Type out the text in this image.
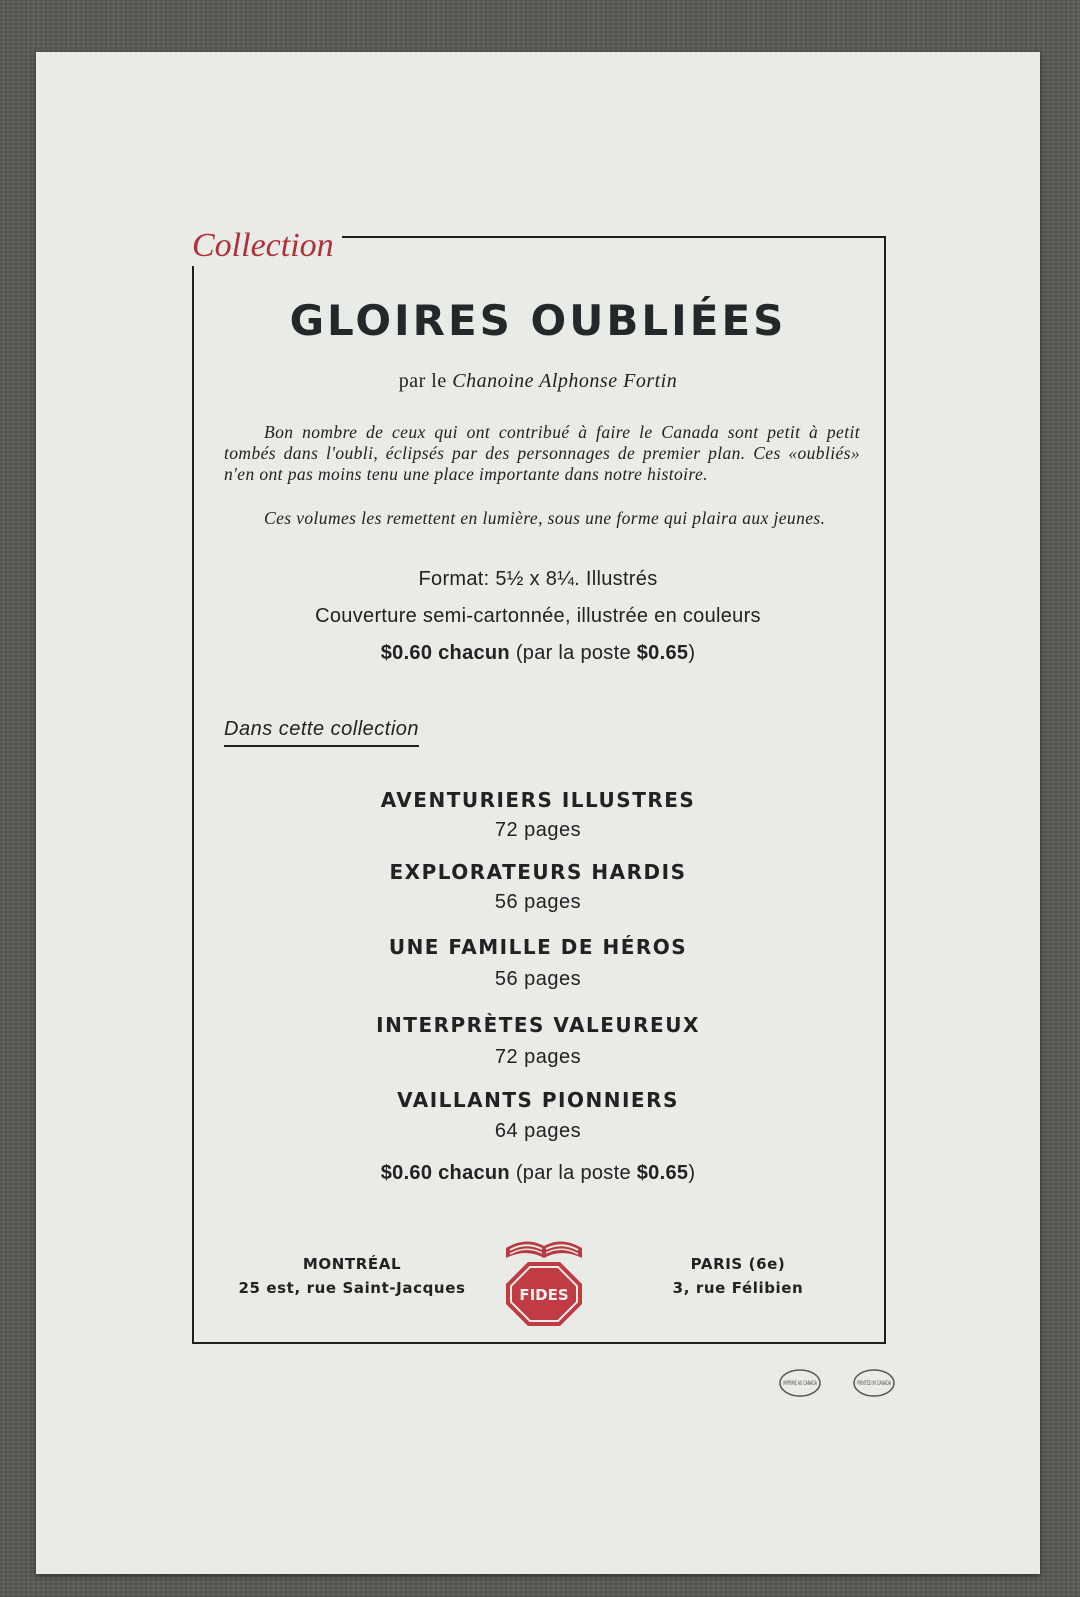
Collection
GLOIRES OUBLIÉES
par le Chanoine Alphonse Fortin
Bon nombre de ceux qui ont contribué à faire le Canada sont petit à petit tombés dans l'oubli, éclipsés par des personnages de premier plan. Ces «oubliés» n'en ont pas moins tenu une place importante dans notre histoire.
Ces volumes les remettent en lumière, sous une forme qui plaira aux jeunes.
Format: 5½ x 8¼. Illustrés
Couverture semi-cartonnée, illustrée en couleurs
$0.60 chacun (par la poste $0.65)
Dans cette collection
AVENTURIERS ILLUSTRES
72 pages
EXPLORATEURS HARDIS
56 pages
UNE FAMILLE DE HÉROS
56 pages
INTERPRÈTES VALEUREUX
72 pages
VAILLANTS PIONNIERS
64 pages
$0.60 chacun (par la poste $0.65)
MONTRÉAL
25 est, rue Saint-Jacques	FIDES
PARIS (6e)
3, rue Félibien
IMPRIMÉ AU CANADA PRINTED IN CANADA
